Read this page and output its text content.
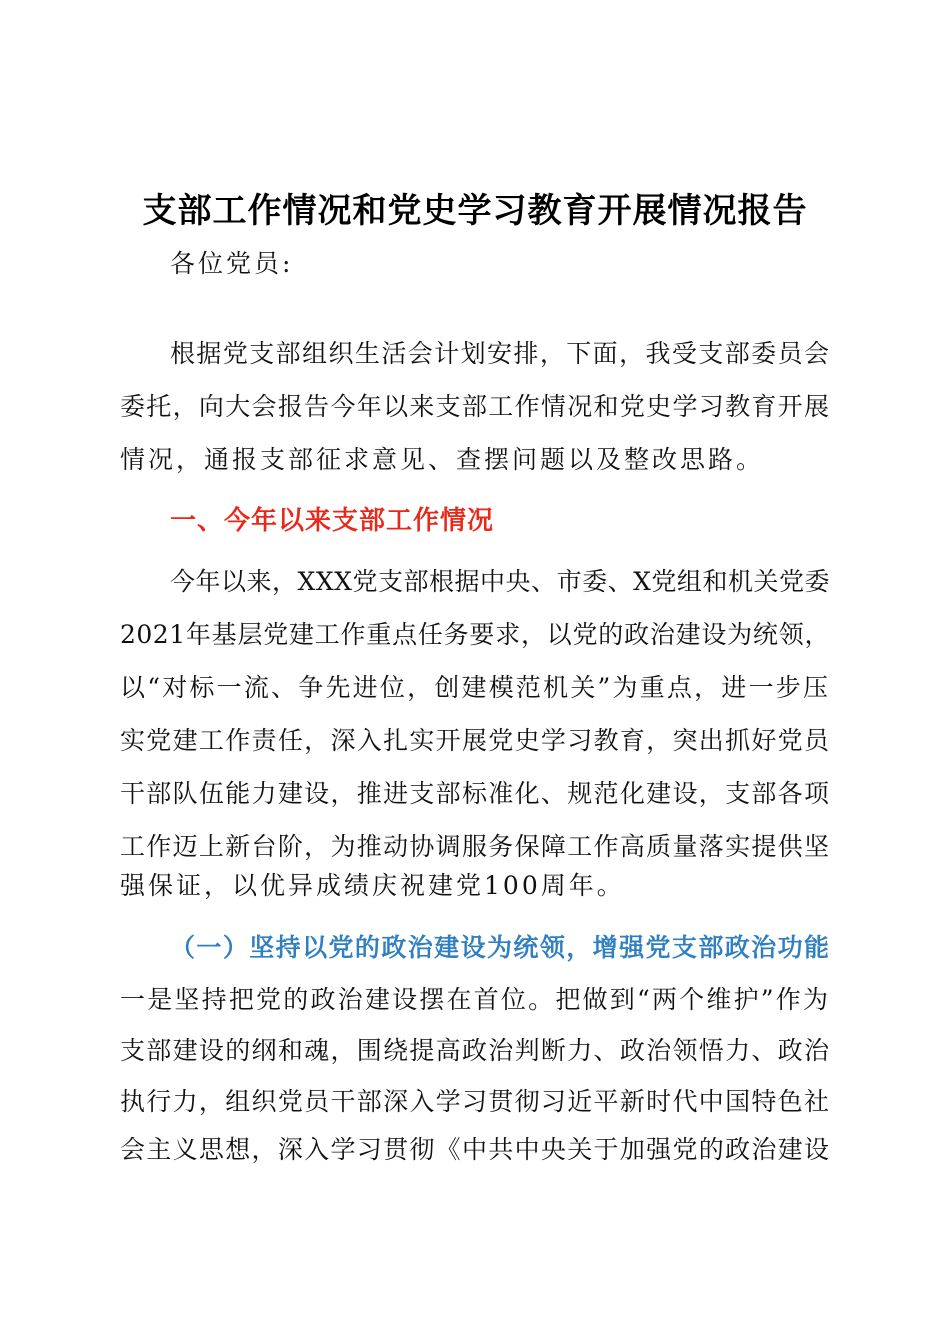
支部工作情况和党史学习教育开展情况报告

各位党员:

根据党支部组织生活会计划安排，下面，我受支部委员会

委托，向大会报告今年以来支部工作情况和党史学习教育开展

情况，通报支部征求意见、查摆问题以及整改思路。

一、今年以来支部工作情况

今年以来，XXX党支部根据中央、市委、X党组和机关党委

2021年基层党建工作重点任务要求，以党的政治建设为统领，

以“对标一流、争先进位，创建模范机关”为重点，进一步压

实党建工作责任，深入扎实开展党史学习教育，突出抓好党员

干部队伍能力建设，推进支部标准化、规范化建设，支部各项

工作迈上新台阶，为推动协调服务保障工作高质量落实提供坚

强保证，以优异成绩庆祝建党100周年。

（一）坚持以党的政治建设为统领，增强党支部政治功能

一是坚持把党的政治建设摆在首位。把做到“两个维护”作为

支部建设的纲和魂，围绕提高政治判断力、政治领悟力、政治

执行力，组织党员干部深入学习贯彻习近平新时代中国特色社

会主义思想，深入学习贯彻《中共中央关于加强党的政治建设
